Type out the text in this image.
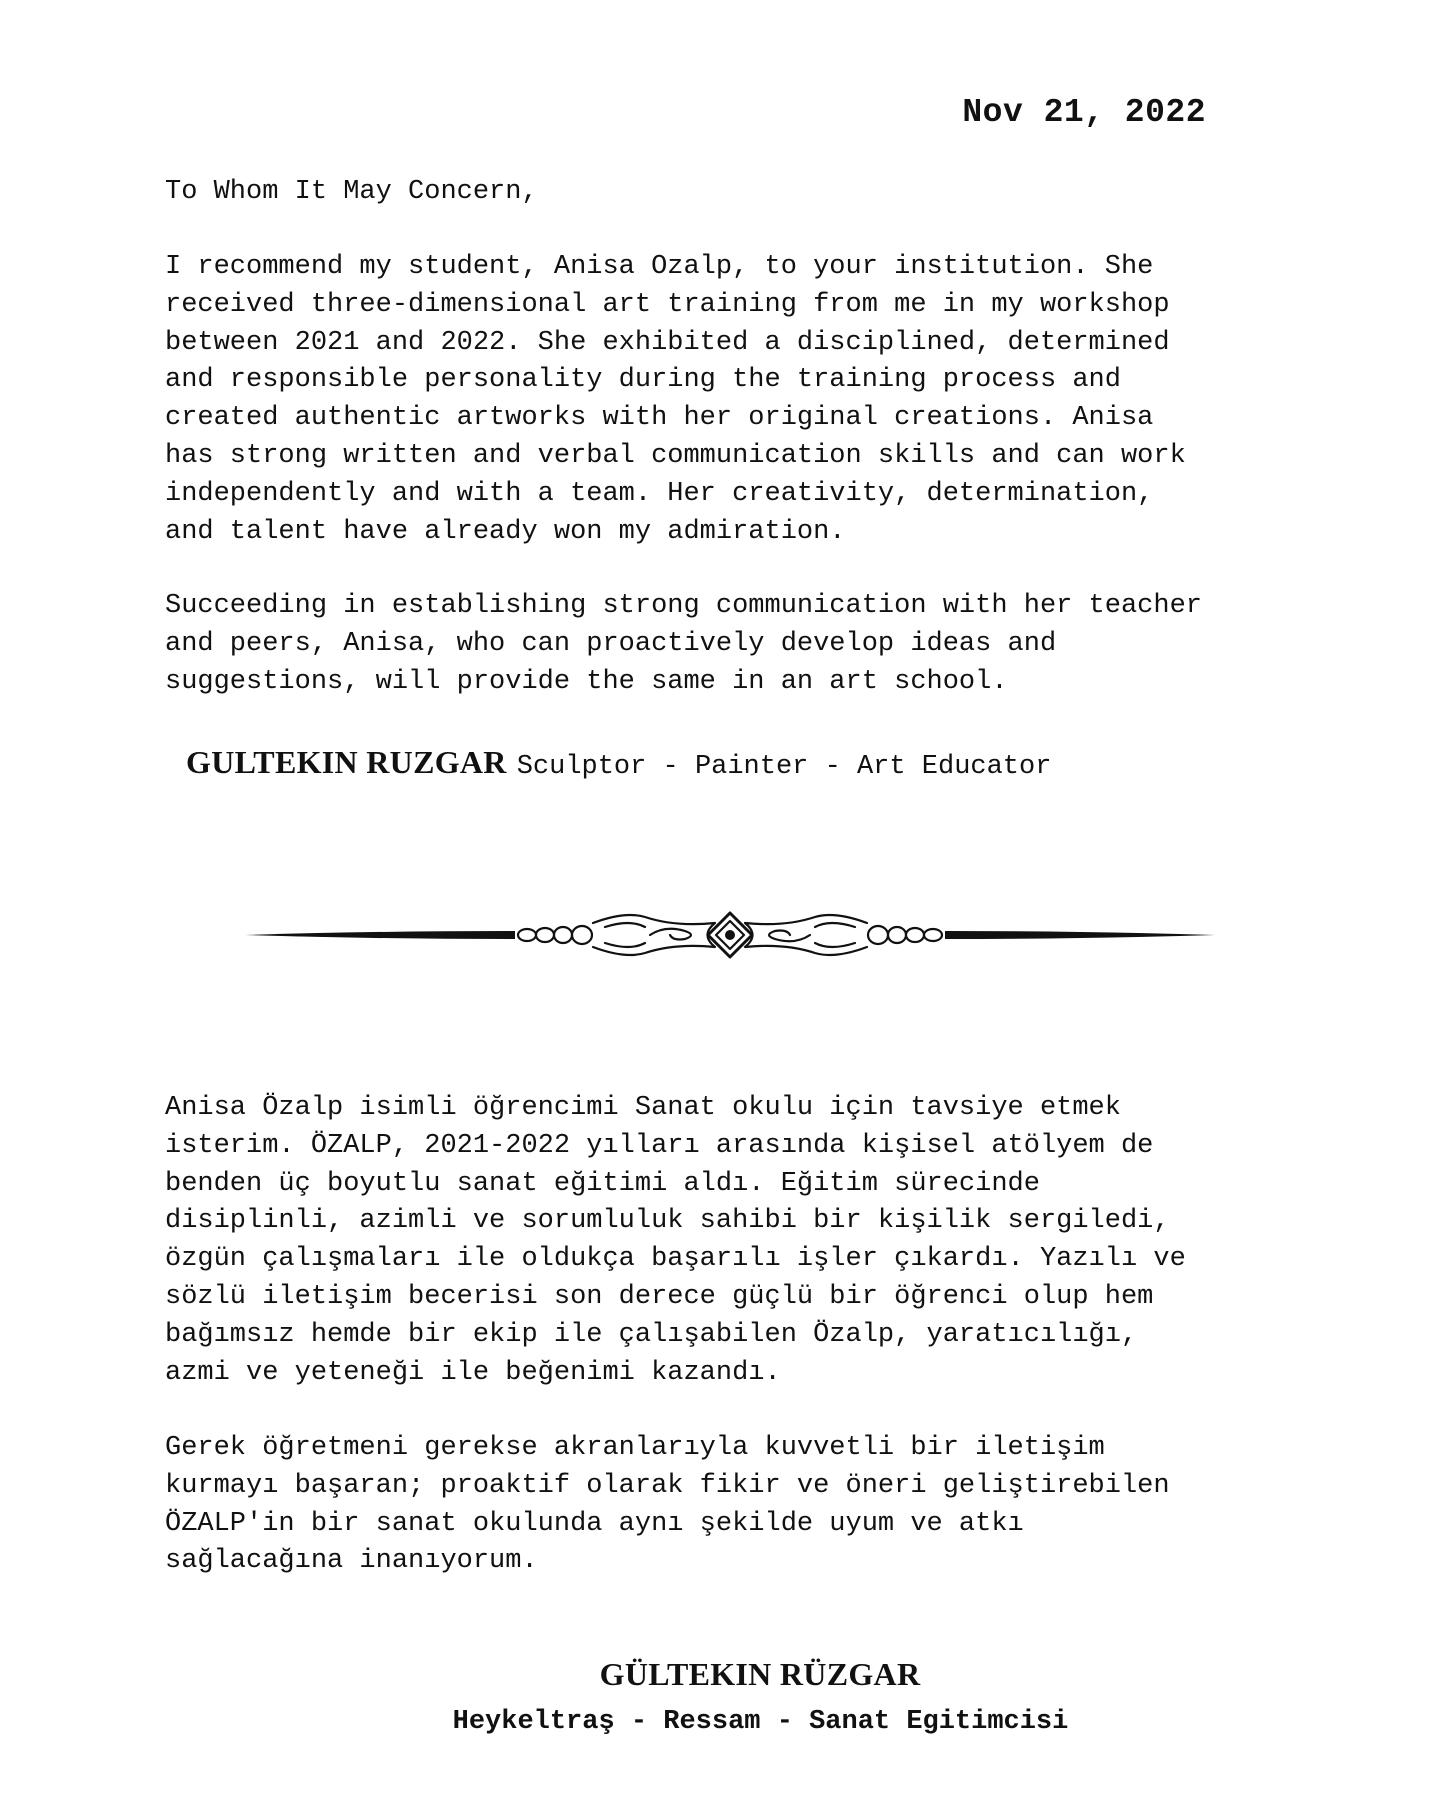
Nov 21, 2022
To Whom It May Concern,
I recommend my student, Anisa Ozalp, to your institution. She
received three-dimensional art training from me in my workshop
between 2021 and 2022. She exhibited a disciplined, determined
and responsible personality during the training process and
created authentic artworks with her original creations. Anisa
has strong written and verbal communication skills and can work
independently and with a team. Her creativity, determination,
and talent have already won my admiration.
Succeeding in establishing strong communication with her teacher
and peers, Anisa, who can proactively develop ideas and
suggestions, will provide the same in an art school.
GULTEKIN RUZGAR Sculptor - Painter - Art Educator
Anisa Özalp isimli öğrencimi Sanat okulu için tavsiye etmek
isterim. ÖZALP, 2021-2022 yılları arasında kişisel atölyem de
benden üç boyutlu sanat eğitimi aldı. Eğitim sürecinde
disiplinli, azimli ve sorumluluk sahibi bir kişilik sergiledi,
özgün çalışmaları ile oldukça başarılı işler çıkardı. Yazılı ve
sözlü iletişim becerisi son derece güçlü bir öğrenci olup hem
bağımsız hemde bir ekip ile çalışabilen Özalp, yaratıcılığı,
azmi ve yeteneği ile beğenimi kazandı.
Gerek öğretmeni gerekse akranlarıyla kuvvetli bir iletişim
kurmayı başaran; proaktif olarak fikir ve öneri geliştirebilen
ÖZALP'in bir sanat okulunda aynı şekilde uyum ve atkı
sağlacağına inanıyorum.
GÜLTEKIN RÜZGAR
Heykeltraş - Ressam - Sanat Egitimcisi
